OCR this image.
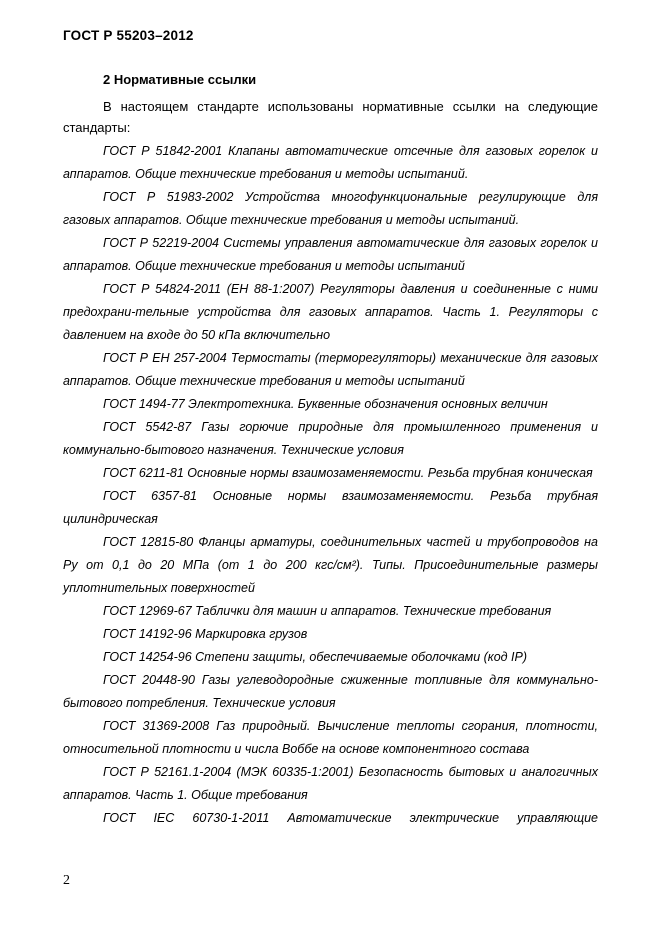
ГОСТ Р 55203–2012
2 Нормативные ссылки

В настоящем стандарте использованы нормативные ссылки на следующие стандарты:

ГОСТ Р 51842-2001 Клапаны автоматические отсечные для газовых горелок и аппаратов. Общие технические требования и методы испытаний.

ГОСТ Р 51983-2002 Устройства многофункциональные регулирующие для газовых аппаратов. Общие технические требования и методы испытаний.

ГОСТ Р 52219-2004 Системы управления автоматические для газовых горелок и аппаратов. Общие технические требования и методы испытаний

ГОСТ Р 54824-2011 (ЕН 88-1:2007) Регуляторы давления и соединенные с ними предохрани-тельные устройства для газовых аппаратов. Часть 1. Регуляторы с давлением на входе до 50 кПа включительно

ГОСТ Р ЕН 257-2004 Термостаты (терморегуляторы) механические для газовых аппаратов. Общие технические требования и методы испытаний

ГОСТ 1494-77 Электротехника. Буквенные обозначения основных величин

ГОСТ 5542-87 Газы горючие природные для промышленного применения и коммунально-бытового назначения. Технические условия

ГОСТ 6211-81 Основные нормы взаимозаменяемости. Резьба трубная коническая

ГОСТ 6357-81 Основные нормы взаимозаменяемости. Резьба трубная цилиндрическая

ГОСТ 12815-80 Фланцы арматуры, соединительных частей и трубопроводов на Ру от 0,1 до 20 МПа (от 1 до 200 кгс/см²). Типы. Присоединительные размеры уплотнительных поверхностей

ГОСТ 12969-67 Таблички для машин и аппаратов. Технические требования

ГОСТ 14192-96 Маркировка грузов

ГОСТ 14254-96 Степени защиты, обеспечиваемые оболочками (код IP)

ГОСТ 20448-90 Газы углеводородные сжиженные топливные для коммунально-бытового потребления. Технические условия

ГОСТ 31369-2008 Газ природный. Вычисление теплоты сгорания, плотности, относительной плотности и числа Воббе на основе компонентного состава

ГОСТ Р 52161.1-2004 (МЭК 60335-1:2001) Безопасность бытовых и аналогичных аппаратов. Часть 1. Общие требования

ГОСТ IEC 60730-1-2011 Автоматические электрические управляющие

2
